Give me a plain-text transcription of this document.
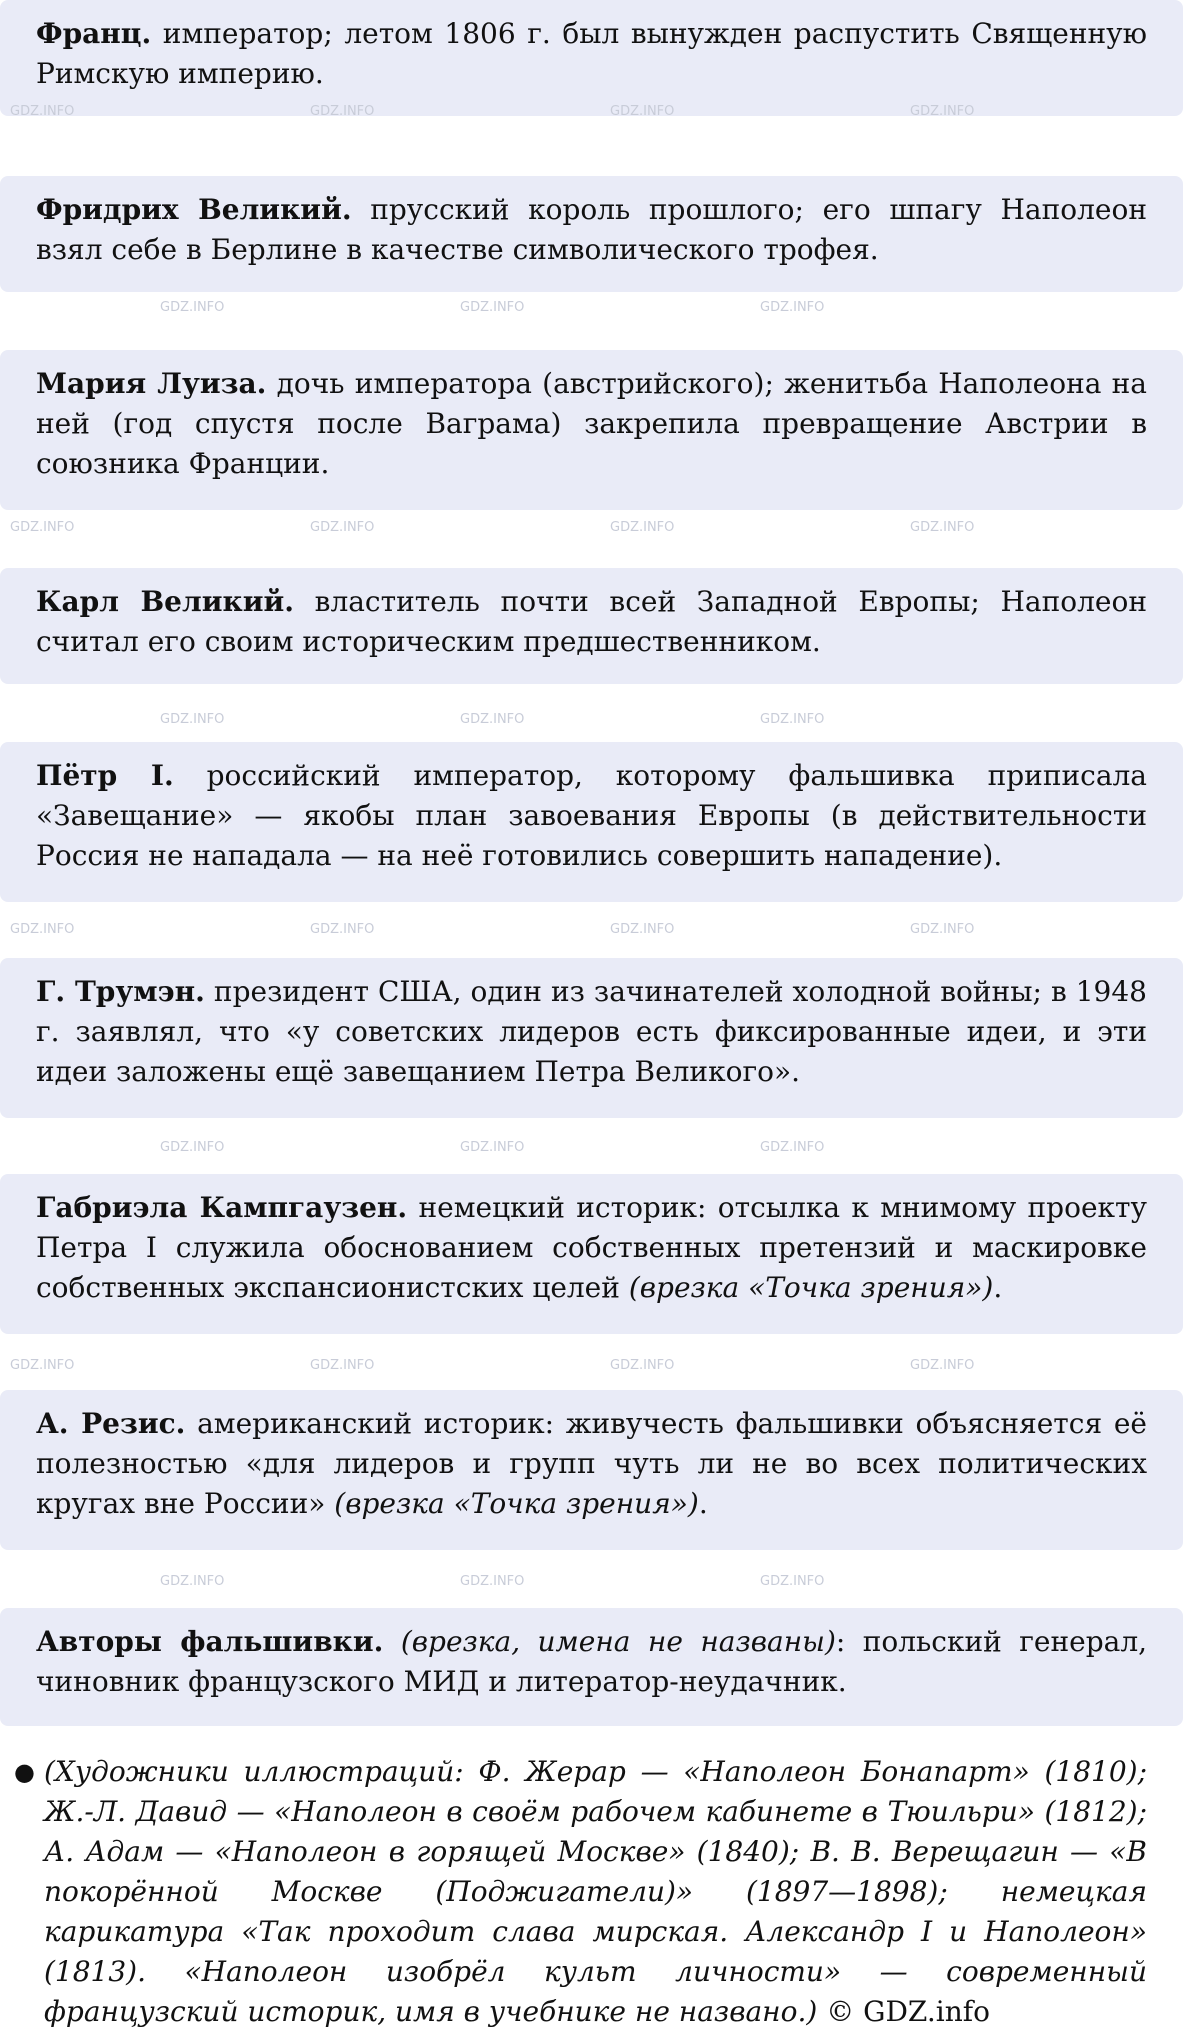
Франц. император; летом 1806 г. был вынужден распустить Священную Римскую империю.

Фридрих Великий. прусский король прошлого; его шпагу Наполеон взял себе в Берлине в качестве символического трофея.

Мария Луиза. дочь императора (австрийского); женитьба Наполеона на ней (год спустя после Ваграма) закрепила превращение Австрии в союзника Франции.

Карл Великий. властитель почти всей Западной Европы; Наполеон считал его своим историческим предшественником.

Пётр I. российский император, которому фальшивка приписала «Завещание» — якобы план завоевания Европы (в действительности Россия не нападала — на неё готовились совершить нападение).

Г. Трумэн. президент США, один из зачинателей холодной войны; в 1948 г. заявлял, что «у советских лидеров есть фиксированные идеи, и эти идеи заложены ещё завещанием Петра Великого».

Габриэла Кампгаузен. немецкий историк: отсылка к мнимому проекту Петра I служила обоснованием собственных претензий и маскировке собственных экспансионистских целей (врезка «Точка зрения»).

А. Резис. американский историк: живучесть фальшивки объясняется её полезностью «для лидеров и групп чуть ли не во всех политических кругах вне России» (врезка «Точка зрения»).

Авторы фальшивки. (врезка, имена не названы): польский генерал, чиновник французского МИД и литератор-неудачник.

● (Художники иллюстраций: Ф. Жерар — «Наполеон Бонапарт» (1810); Ж.-Л. Давид — «Наполеон в своём рабочем кабинете в Тюильри» (1812); А. Адам — «Наполеон в горящей Москве» (1840); В. В. Верещагин — «В покорённой Москве (Поджигатели)» (1897—1898); немецкая карикатура «Так проходит слава мирская. Александр I и Наполеон» (1813). «Наполеон изобрёл культ личности» — современный французский историк, имя в учебнике не названо.) © GDZ.info
GDZ.INFO	GDZ.INFO	GDZ.INFO	GDZ.INFO
GDZ.INFO	GDZ.INFO	GDZ.INFO
GDZ.INFO	GDZ.INFO	GDZ.INFO	GDZ.INFO
GDZ.INFO	GDZ.INFO	GDZ.INFO
GDZ.INFO	GDZ.INFO	GDZ.INFO	GDZ.INFO
GDZ.INFO	GDZ.INFO	GDZ.INFO
GDZ.INFO	GDZ.INFO	GDZ.INFO	GDZ.INFO
GDZ.INFO	GDZ.INFO	GDZ.INFO
